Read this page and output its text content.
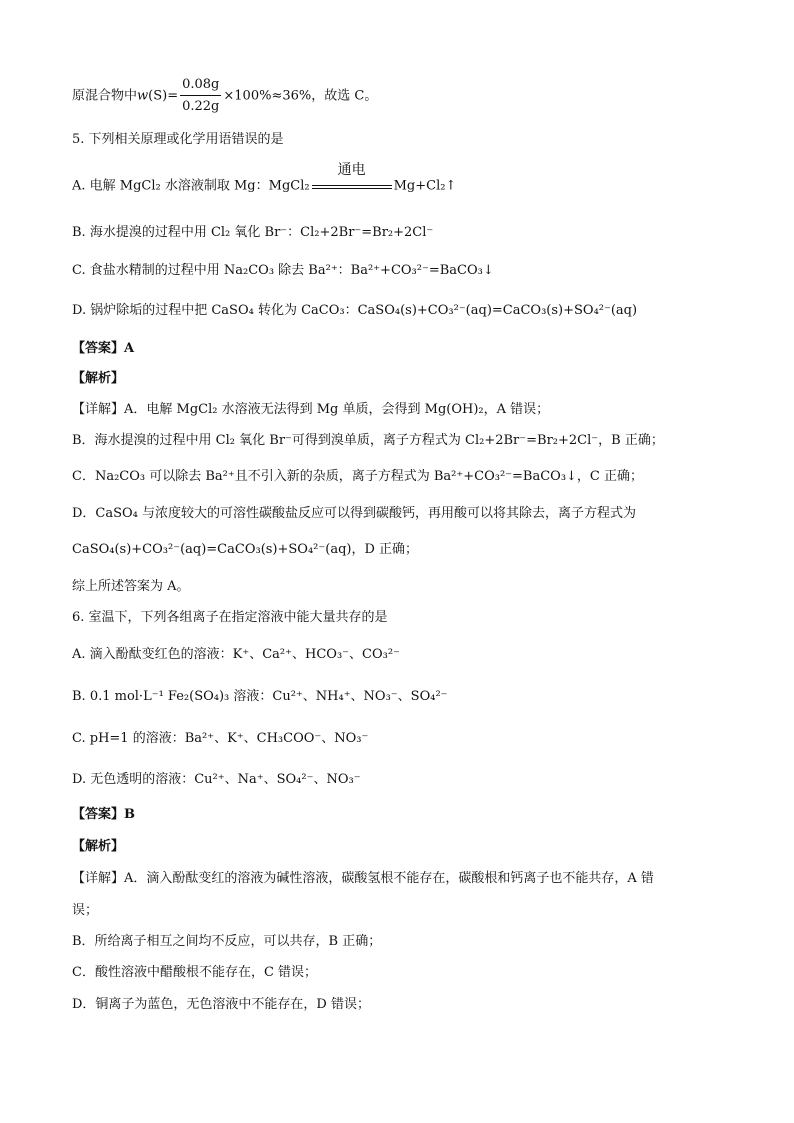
原混合物中$w(S)= \frac{0.08g}{0.22g} \times 100\%\approx 36\%$，故选 C。
5. 下列相关原理或化学用语错误的是
A. 电解 MgCl₂ 水溶液制取 Mg：MgCl₂
通电
Mg+Cl₂↑
B. 海水提溴的过程中用 Cl₂ 氧化 Br⁻：Cl₂+2Br⁻=Br₂+2Cl⁻
C. 食盐水精制的过程中用 Na₂CO₃ 除去 Ba²⁺：Ba²⁺+CO₃²⁻=BaCO₃↓
D. 锅炉除垢的过程中把 CaSO₄ 转化为 CaCO₃：CaSO₄(s)+CO₃²⁻(aq)=CaCO₃(s)+SO₄²⁻(aq)
【答案】A
【解析】
【详解】A．电解 MgCl₂ 水溶液无法得到 Mg 单质，会得到 Mg(OH)₂，A 错误；
B．海水提溴的过程中用 Cl₂ 氧化 Br⁻可得到溴单质，离子方程式为 Cl₂+2Br⁻=Br₂+2Cl⁻，B 正确；
C．Na₂CO₃ 可以除去 Ba²⁺且不引入新的杂质，离子方程式为 Ba²⁺+CO₃²⁻=BaCO₃↓，C 正确；
D．CaSO₄ 与浓度较大的可溶性碳酸盐反应可以得到碳酸钙，再用酸可以将其除去，离子方程式为
CaSO₄(s)+CO₃²⁻(aq)=CaCO₃(s)+SO₄²⁻(aq)，D 正确；
综上所述答案为 A。
6. 室温下，下列各组离子在指定溶液中能大量共存的是
A. 滴入酚酞变红色的溶液：K⁺、Ca²⁺、HCO₃⁻、CO₃²⁻
B. 0.1 mol·L⁻¹ Fe₂(SO₄)₃ 溶液：Cu²⁺、NH₄⁺、NO₃⁻、SO₄²⁻
C. pH=1 的溶液：Ba²⁺、K⁺、CH₃COO⁻、NO₃⁻
D. 无色透明的溶液：Cu²⁺、Na⁺、SO₄²⁻、NO₃⁻
【答案】B
【解析】
【详解】A．滴入酚酞变红的溶液为碱性溶液，碳酸氢根不能存在，碳酸根和钙离子也不能共存，A 错
误；
B．所给离子相互之间均不反应，可以共存，B 正确；
C．酸性溶液中醋酸根不能存在，C 错误；
D．铜离子为蓝色，无色溶液中不能存在，D 错误；
